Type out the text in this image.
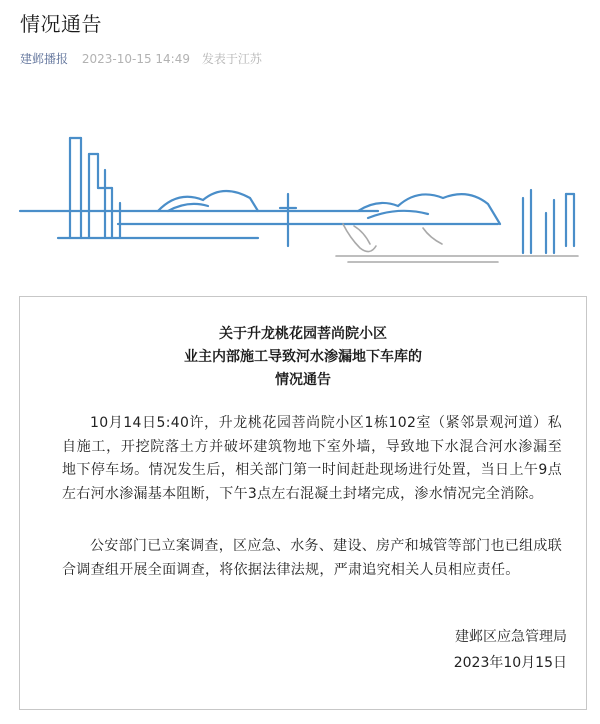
情况通告
建邺播报 2023-10-15 14:49 发表于江苏
关于升龙桃花园菩尚院小区
业主内部施工导致河水渗漏地下车库的
情况通告

10月14日5:40许，升龙桃花园菩尚院小区1栋102室（紧邻景观河道）私自施工，开挖院落土方并破坏建筑物地下室外墙，导致地下水混合河水渗漏至地下停车场。情况发生后，相关部门第一时间赶赴现场进行处置，当日上午9点左右河水渗漏基本阻断，下午3点左右混凝土封堵完成，渗水情况完全消除。

公安部门已立案调查，区应急、水务、建设、房产和城管等部门也已组成联合调查组开展全面调查，将依据法律法规，严肃追究相关人员相应责任。

建邺区应急管理局
2023年10月15日
